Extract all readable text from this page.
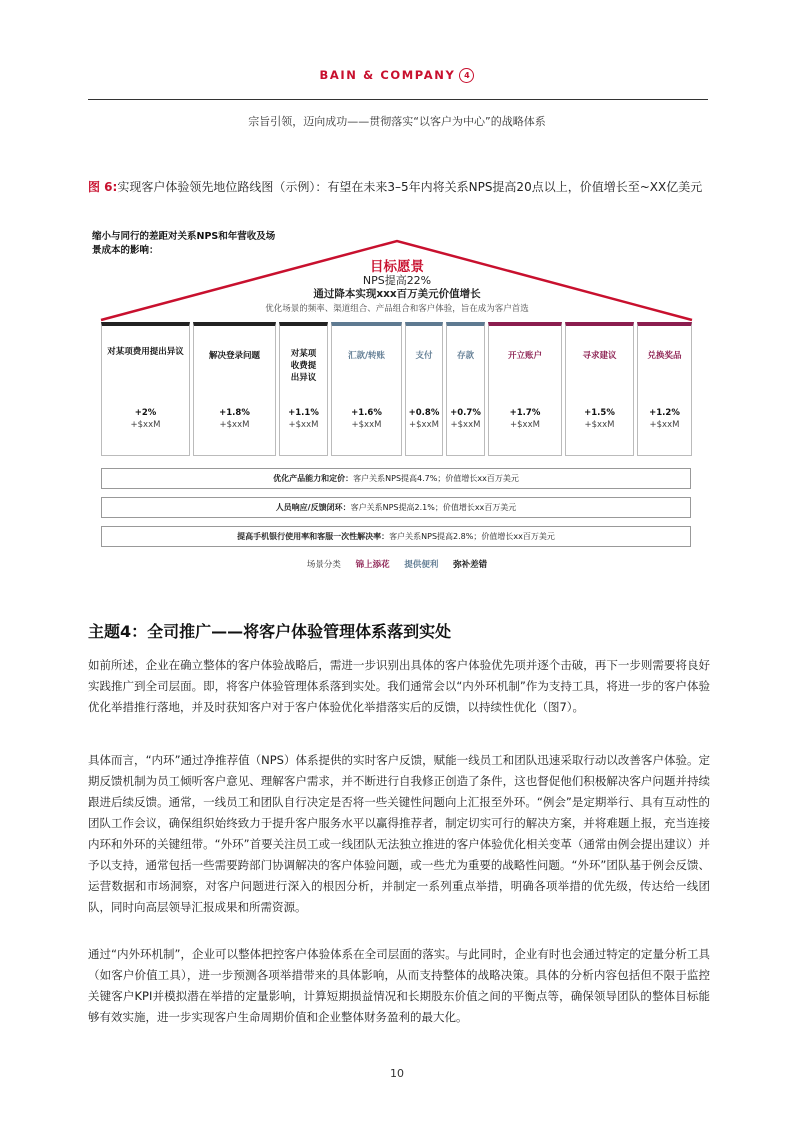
BAIN & COMPANY 4
宗旨引领，迈向成功——贯彻落实“以客户为中心”的战略体系
图 6:实现客户体验领先地位路线图（示例）：有望在未来3–5年内将关系NPS提高20点以上，价值增长至~XX亿美元
缩小与同行的差距对关系NPS和年营收及场景成本的影响：
目标愿景
NPS提高22%
通过降本实现xxx百万美元价值增长
优化场景的频率、渠道组合、产品组合和客户体验，旨在成为客户首选
对某项费用提出异议
+2%
+$xxM
解决登录问题
+1.8%
+$xxM
对某项收费提出异议
+1.1%
+$xxM
汇款/转账
+1.6%
+$xxM
支付
+0.8%
+$xxM
存款
+0.7%
+$xxM
开立账户
+1.7%
+$xxM
寻求建议
+1.5%
+$xxM
兑换奖品
+1.2%
+$xxM
优化产品能力和定价：客户关系NPS提高4.7%；价值增长xx百万美元
人员响应/反馈闭环：客户关系NPS提高2.1%；价值增长xx百万美元
提高手机银行使用率和客服一次性解决率：客户关系NPS提高2.8%；价值增长xx百万美元
场景分类 锦上添花 提供便利 弥补差错
主题4：全司推广——将客户体验管理体系落到实处
如前所述，企业在确立整体的客户体验战略后，需进一步识别出具体的客户体验优先项并逐个击破，再下一步则需要将良好实践推广到全司层面。即，将客户体验管理体系落到实处。我们通常会以“内外环机制”作为支持工具，将进一步的客户体验优化举措推行落地，并及时获知客户对于客户体验优化举措落实后的反馈，以持续性优化（图7）。
具体而言，“内环”通过净推荐值（NPS）体系提供的实时客户反馈，赋能一线员工和团队迅速采取行动以改善客户体验。定期反馈机制为员工倾听客户意见、理解客户需求，并不断进行自我修正创造了条件，这也督促他们积极解决客户问题并持续跟进后续反馈。通常，一线员工和团队自行决定是否将一些关键性问题向上汇报至外环。“例会”是定期举行、具有互动性的团队工作会议，确保组织始终致力于提升客户服务水平以赢得推荐者，制定切实可行的解决方案，并将难题上报，充当连接内环和外环的关键纽带。“外环”首要关注员工或一线团队无法独立推进的客户体验优化相关变革（通常由例会提出建议）并予以支持，通常包括一些需要跨部门协调解决的客户体验问题，或一些尤为重要的战略性问题。“外环”团队基于例会反馈、运营数据和市场洞察，对客户问题进行深入的根因分析，并制定一系列重点举措，明确各项举措的优先级，传达给一线团队，同时向高层领导汇报成果和所需资源。
通过“内外环机制”，企业可以整体把控客户体验体系在全司层面的落实。与此同时，企业有时也会通过特定的定量分析工具（如客户价值工具），进一步预测各项举措带来的具体影响，从而支持整体的战略决策。具体的分析内容包括但不限于监控关键客户KPI并模拟潜在举措的定量影响，计算短期损益情况和长期股东价值之间的平衡点等，确保领导团队的整体目标能够有效实施，进一步实现客户生命周期价值和企业整体财务盈利的最大化。
10
